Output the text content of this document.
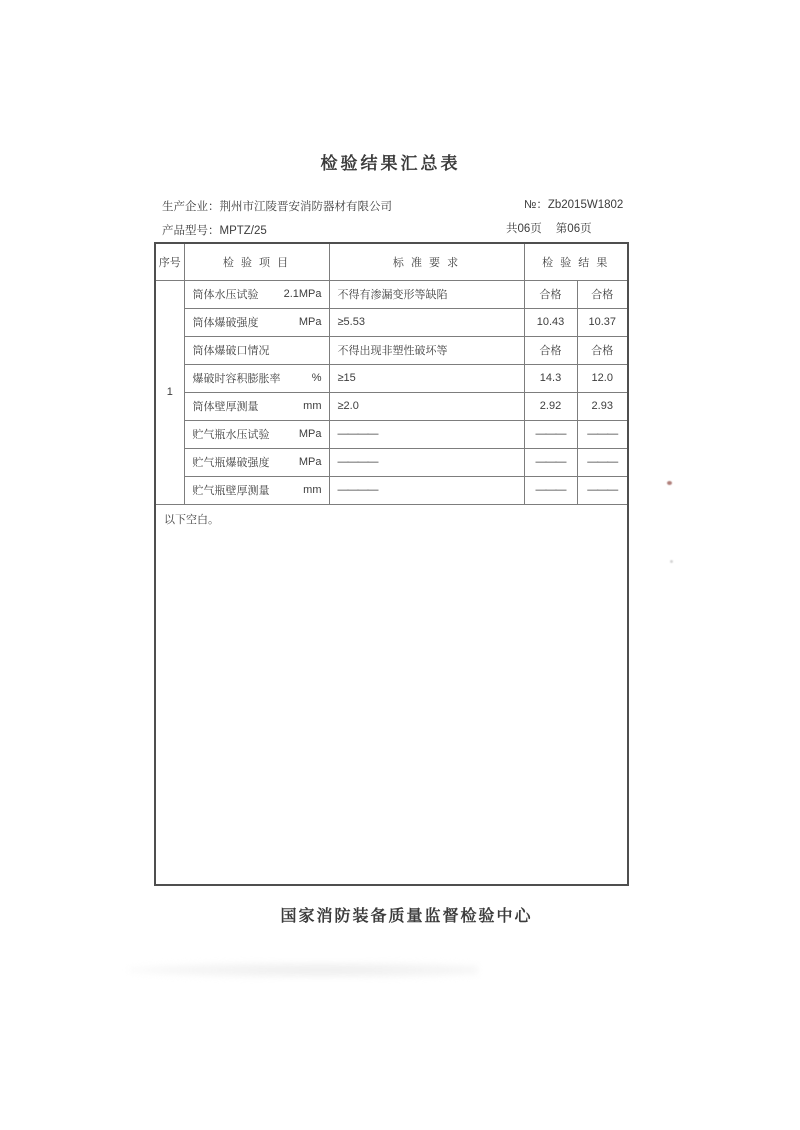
检验结果汇总表
生产企业：荆州市江陵晋安消防器材有限公司	№：Zb2015W1802
产品型号：MPTZ/25	共06页 第06页
序号	检 验 项 目	标 准 要 求	检 验 结 果	
1	筒体水压试验 2.1MPa	不得有渗漏变形等缺陷	合格	合格

	筒体爆破强度 MPa	≥5.53	10.43	10.37

	筒体爆破口情况	不得出现非塑性破坏等	合格	合格

	爆破时容积膨胀率 %	≥15	14.3	12.0

	筒体壁厚测量 mm	≥2.0	2.92	2.93

	贮气瓶水压试验 MPa	————	———	———

	贮气瓶爆破强度 MPa	————	———	———

	贮气瓶壁厚测量 mm	————	———	———
以下空白。				
国家消防装备质量监督检验中心
